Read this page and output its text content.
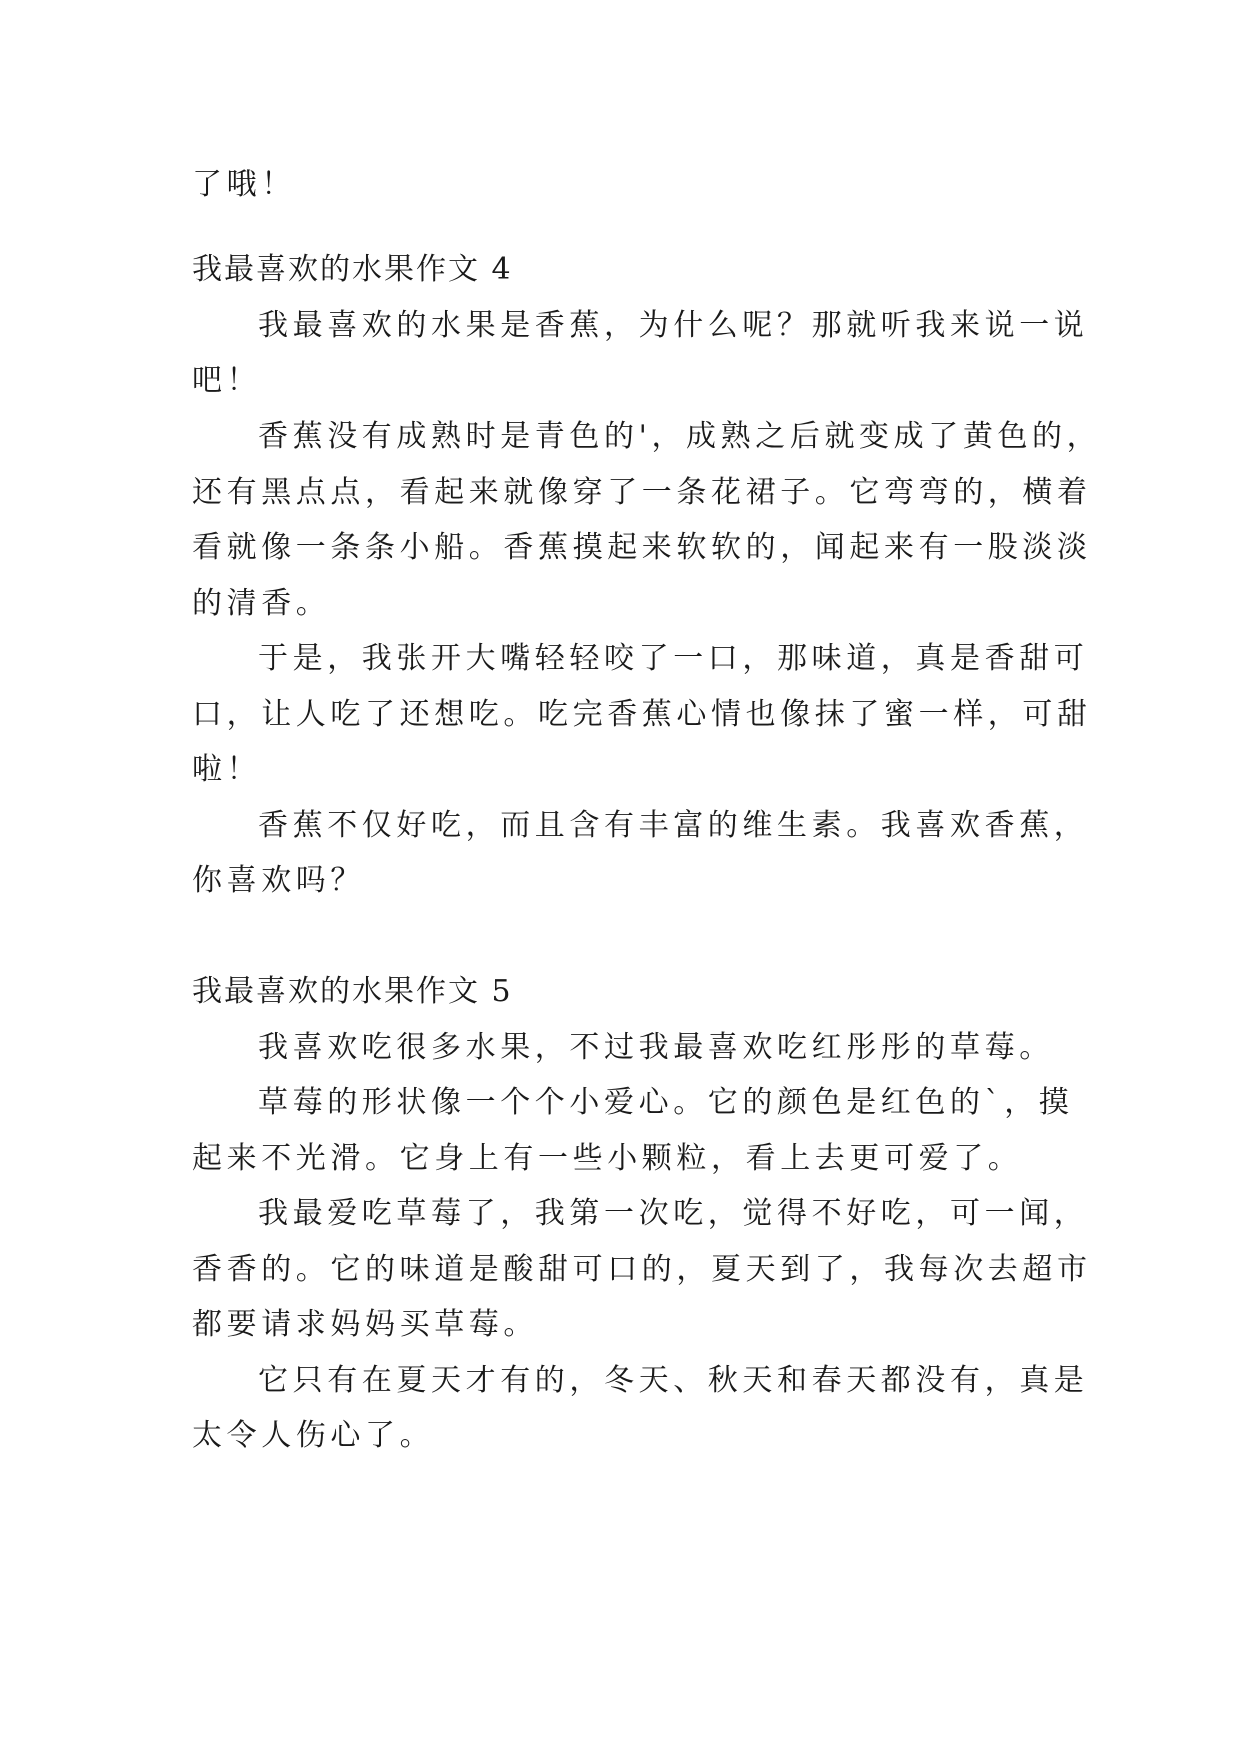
了哦！
我最喜欢的水果作文 4
我最喜欢的水果是香蕉，为什么呢？那就听我来说一说
吧！
香蕉没有成熟时是青色的'，成熟之后就变成了黄色的，
还有黑点点，看起来就像穿了一条花裙子。它弯弯的，横着
看就像一条条小船。香蕉摸起来软软的，闻起来有一股淡淡
的清香。
于是，我张开大嘴轻轻咬了一口，那味道，真是香甜可
口，让人吃了还想吃。吃完香蕉心情也像抹了蜜一样，可甜
啦！
香蕉不仅好吃，而且含有丰富的维生素。我喜欢香蕉，
你喜欢吗？
我最喜欢的水果作文 5
我喜欢吃很多水果，不过我最喜欢吃红彤彤的草莓。
草莓的形状像一个个小爱心。它的颜色是红色的`，摸
起来不光滑。它身上有一些小颗粒，看上去更可爱了。
我最爱吃草莓了，我第一次吃，觉得不好吃，可一闻，
香香的。它的味道是酸甜可口的，夏天到了，我每次去超市
都要请求妈妈买草莓。
它只有在夏天才有的，冬天、秋天和春天都没有，真是
太令人伤心了。
